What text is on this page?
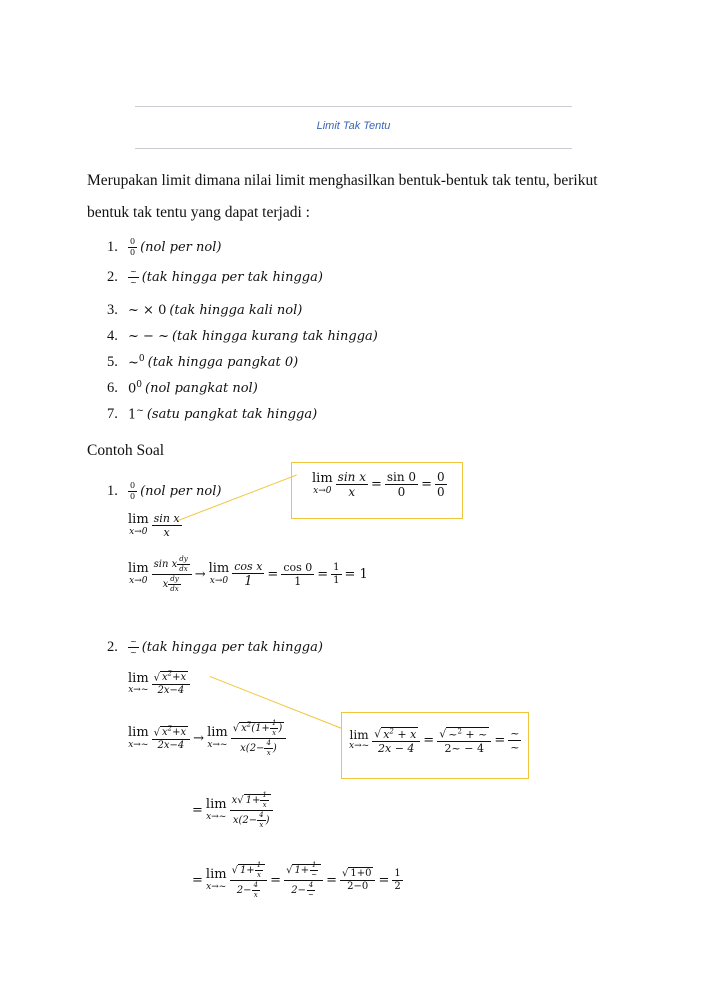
Limit Tak Tentu
Merupakan limit dimana nilai limit menghasilkan bentuk-bentuk tak tentu, berikut
bentuk tak tentu yang dapat terjadi :
1.
$\frac{0}{0} (nol$ per nol)
2.
$\frac{\sim}{\sim} (tak$ hingga per tak hingga)
3.
~ × 0 (tak hingga kali nol)
4.
~ − ~ (tak hingga kurang tak hingga)
5.
~$^0$ (tak hingga pangkat 0)
6.
$0^0$ (nol pangkat nol)
7.
1~ (satu pangkat tak hingga)
Contoh Soal
1.
$\frac{0}{0} (nol$ per nol)
lim
$x\to 0 \frac{\text{sin x}}{x}$
lim
$x\to 0 \frac{\sin x \frac{dy}{dx}}{x \frac{dy}{dx}} \to \lim$
$x\to 0 \frac{\text{cos x}}{1} = \frac{\cos 0}{1} = \frac{1}{1} = 1$
lim
$x\to 0 \frac{\text{sin x}}{x} = \frac{\sin 0}{0} = \frac{0}{0}$
2.
$\frac{\sim}{\sim} (tak$ hingga per tak hingga)
lim
x→~ $\frac{√ x^2+x}{2x-4}$
lim
x→~ $\frac{√ x^2+x}{2x-4} \to \lim$
x→~ $\frac{√ x^2(1+ \frac{1}{x} )}{x(2- \frac{4}{x} )}$
= lim
x→~ $\frac{x√ 1+ \frac{1}{x}}{x(2- \frac{4}{x} )}$
= lim
x→~ $\frac{√ 1+ \frac{1}{x}}{2- \frac{4}{x}} = \frac{√ 1+ \frac{1}{\sim}}{2- \frac{4}{\sim}} = \frac{√ 1+0}{2-0} = \frac{1}{2}$
lim
x→~ $\frac{√ x^2 + x}{2x - 4} = \frac{√ \sim^2 + \sim}{2\sim - 4} = \frac{\sim}{\sim}$
